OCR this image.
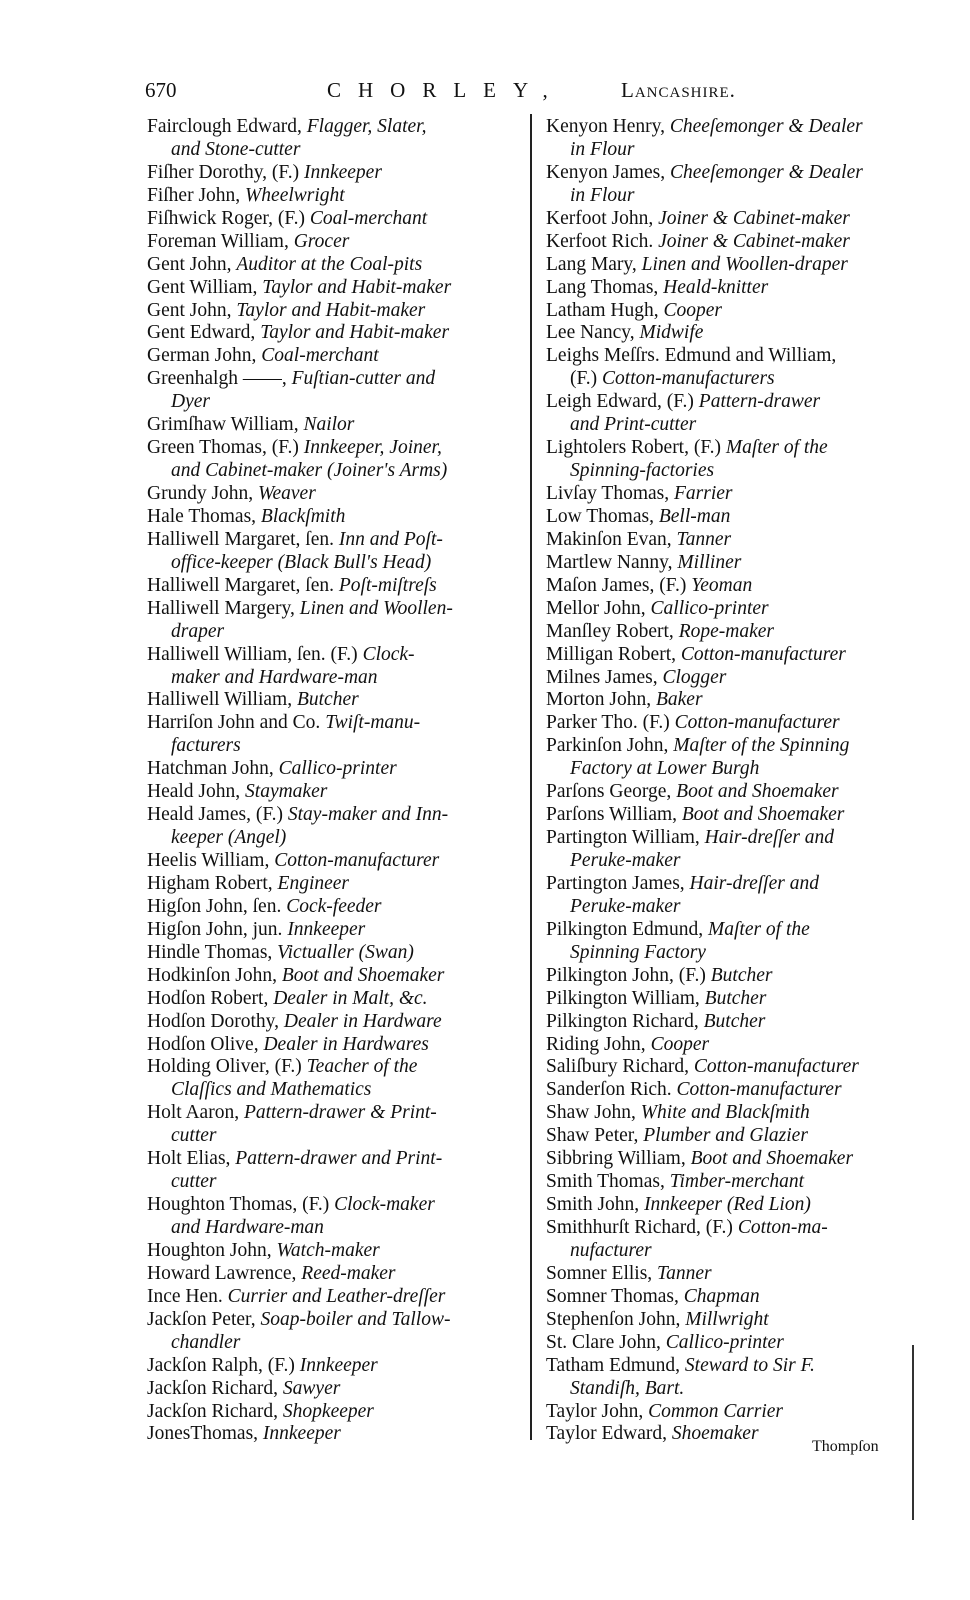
670	CHORLEY,	Lancashire.
Fairclough Edward, Flagger, Slater,
and Stone-cutter
Fiſher Dorothy, (F.) Innkeeper
Fiſher John, Wheelwright
Fiſhwick Roger, (F.) Coal-merchant
Foreman William, Grocer
Gent John, Auditor at the Coal-pits
Gent William, Taylor and Habit-maker
Gent John, Taylor and Habit-maker
Gent Edward, Taylor and Habit-maker
German John, Coal-merchant
Greenhalgh ——, Fuſtian-cutter and
Dyer
Grimſhaw William, Nailor
Green Thomas, (F.) Innkeeper, Joiner,
and Cabinet-maker (Joiner's Arms)
Grundy John, Weaver
Hale Thomas, Blackſmith
Halliwell Margaret, ſen. Inn and Poſt-
office-keeper (Black Bull's Head)
Halliwell Margaret, ſen. Poſt-miſtreſs
Halliwell Margery, Linen and Woollen-
draper
Halliwell William, ſen. (F.) Clock-
maker and Hardware-man
Halliwell William, Butcher
Harriſon John and Co. Twiſt-manu-
facturers
Hatchman John, Callico-printer
Heald John, Staymaker
Heald James, (F.) Stay-maker and Inn-
keeper (Angel)
Heelis William, Cotton-manufacturer
Higham Robert, Engineer
Higſon John, ſen. Cock-feeder
Higſon John, jun. Innkeeper
Hindle Thomas, Victualler (Swan)
Hodkinſon John, Boot and Shoemaker
Hodſon Robert, Dealer in Malt, &c.
Hodſon Dorothy, Dealer in Hardware
Hodſon Olive, Dealer in Hardwares
Holding Oliver, (F.) Teacher of the
Claſſics and Mathematics
Holt Aaron, Pattern-drawer & Print-
cutter
Holt Elias, Pattern-drawer and Print-
cutter
Houghton Thomas, (F.) Clock-maker
and Hardware-man
Houghton John, Watch-maker
Howard Lawrence, Reed-maker
Ince Hen. Currier and Leather-dreſſer
Jackſon Peter, Soap-boiler and Tallow-
chandler
Jackſon Ralph, (F.) Innkeeper
Jackſon Richard, Sawyer
Jackſon Richard, Shopkeeper
JonesThomas, Innkeeper
Kenyon Henry, Cheeſemonger & Dealer
in Flour
Kenyon James, Cheeſemonger & Dealer
in Flour
Kerfoot John, Joiner & Cabinet-maker
Kerfoot Rich. Joiner & Cabinet-maker
Lang Mary, Linen and Woollen-draper
Lang Thomas, Heald-knitter
Latham Hugh, Cooper
Lee Nancy, Midwife
Leighs Meſſrs. Edmund and William,
(F.) Cotton-manufacturers
Leigh Edward, (F.) Pattern-drawer
and Print-cutter
Lightolers Robert, (F.) Maſter of the
Spinning-factories
Livſay Thomas, Farrier
Low Thomas, Bell-man
Makinſon Evan, Tanner
Martlew Nanny, Milliner
Maſon James, (F.) Yeoman
Mellor John, Callico-printer
Manſley Robert, Rope-maker
Milligan Robert, Cotton-manufacturer
Milnes James, Clogger
Morton John, Baker
Parker Tho. (F.) Cotton-manufacturer
Parkinſon John, Maſter of the Spinning
Factory at Lower Burgh
Parſons George, Boot and Shoemaker
Parſons William, Boot and Shoemaker
Partington William, Hair-dreſſer and
Peruke-maker
Partington James, Hair-dreſſer and
Peruke-maker
Pilkington Edmund, Maſter of the
Spinning Factory
Pilkington John, (F.) Butcher
Pilkington William, Butcher
Pilkington Richard, Butcher
Riding John, Cooper
Saliſbury Richard, Cotton-manufacturer
Sanderſon Rich. Cotton-manufacturer
Shaw John, White and Blackſmith
Shaw Peter, Plumber and Glazier
Sibbring William, Boot and Shoemaker
Smith Thomas, Timber-merchant
Smith John, Innkeeper (Red Lion)
Smithhurſt Richard, (F.) Cotton-ma-
nufacturer
Somner Ellis, Tanner
Somner Thomas, Chapman
Stephenſon John, Millwright
St. Clare John, Callico-printer
Tatham Edmund, Steward to Sir F.
Standiſh, Bart.
Taylor John, Common Carrier
Taylor Edward, Shoemaker
Thompſon
